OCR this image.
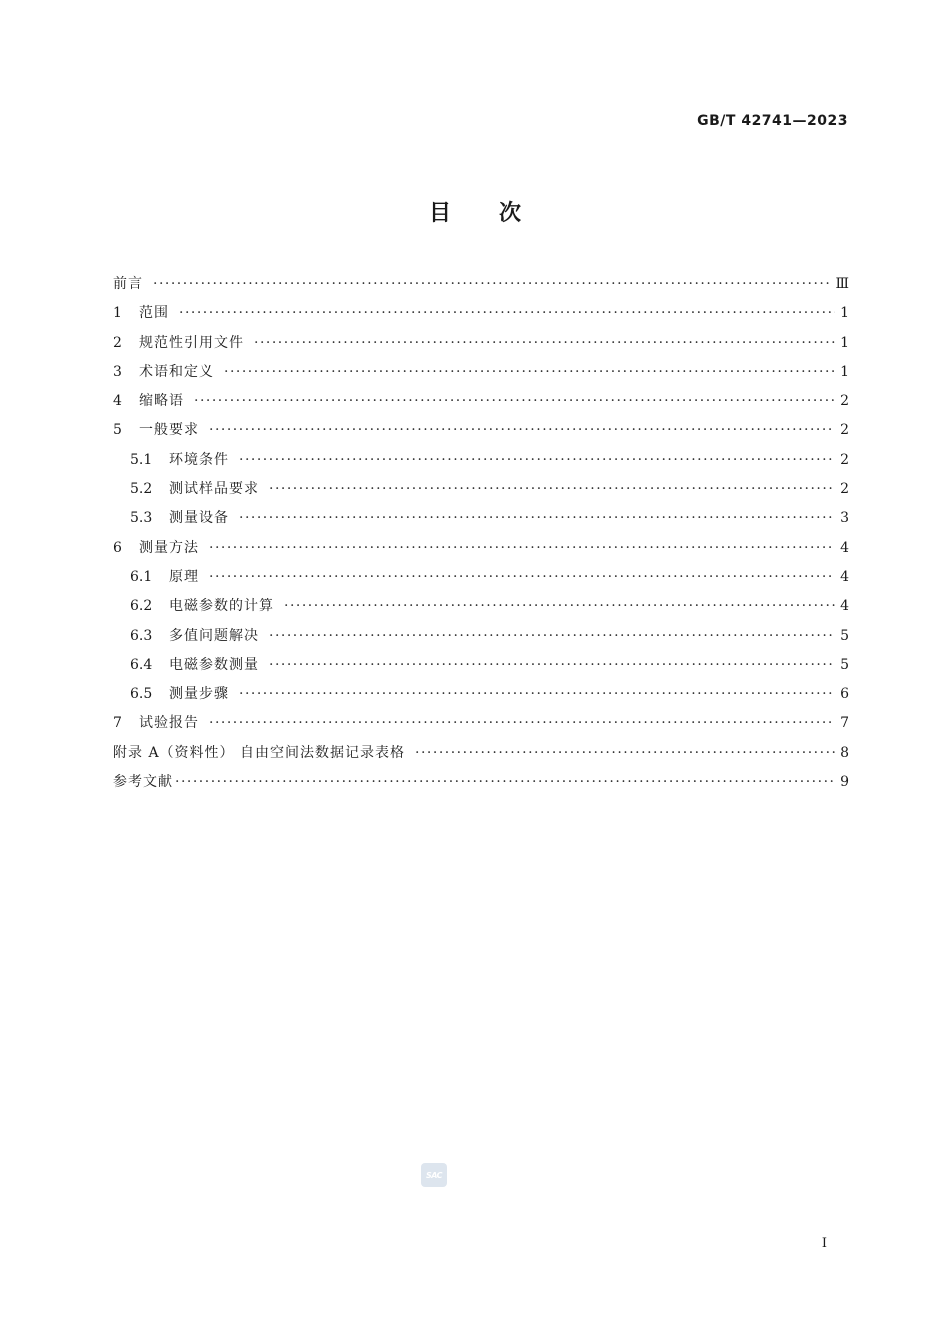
GB/T 42741—2023
目次
前言 ·····	Ⅲ
1	范围 ·····	1
2	规范性引用文件 ·····	1
3	术语和定义 ·····	1
4	缩略语 ·····	2
5	一般要求 ·····	2
5.1	环境条件 ·····	2
5.2	测试样品要求 ·····	2
5.3	测量设备 ·····	3
6	测量方法 ·····	4
6.1	原理 ·····	4
6.2	电磁参数的计算 ·····	4
6.3	多值问题解决 ·····	5
6.4	电磁参数测量 ·····	5
6.5	测量步骤 ·····	6
7	试验报告 ·····	7
附录 A（资料性） 自由空间法数据记录表格 ·····	8
参考文献 ·····	9
SAC
I
